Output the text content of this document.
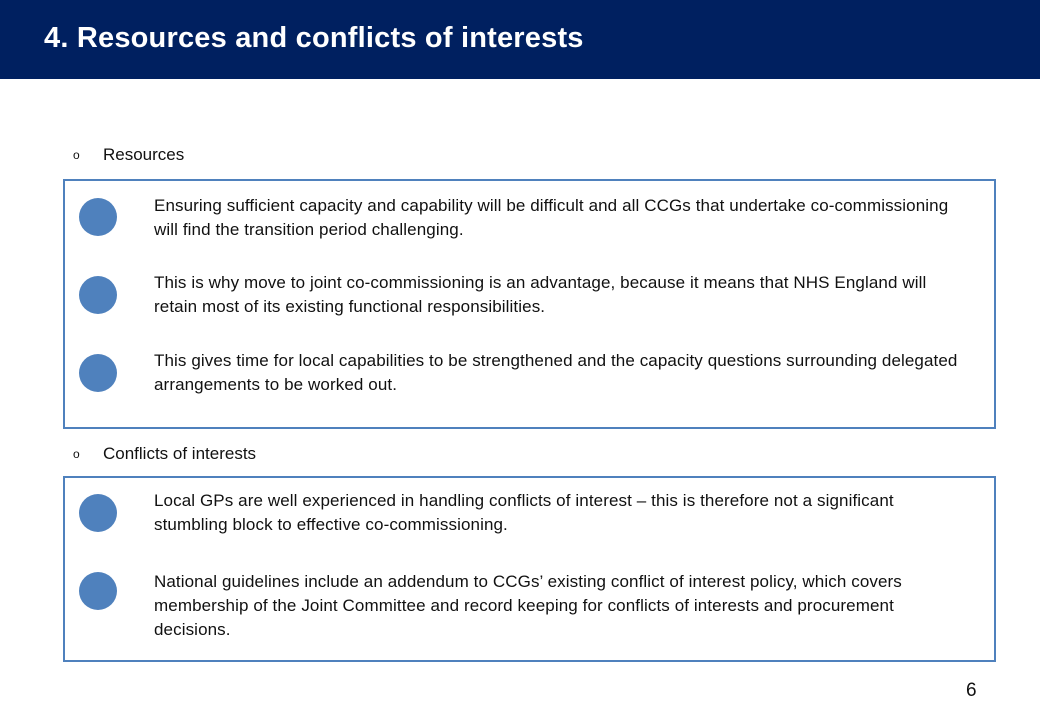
4. Resources and conflicts of interests
o	Resources
Ensuring sufficient capacity and capability will be difficult and all CCGs that undertake co-commissioning will find the transition period challenging.
This is why move to joint co-commissioning is an advantage, because it means that NHS England will retain most of its existing functional responsibilities.
This gives time for local capabilities to be strengthened and the capacity questions surrounding delegated arrangements to be worked out.
o	Conflicts of interests
Local GPs are well experienced in handling conflicts of interest – this is therefore not a significant stumbling block to effective co-commissioning.
National guidelines include an addendum to CCGs’ existing conflict of interest policy, which covers membership of the Joint Committee and record keeping for conflicts of interests and procurement decisions.
6
